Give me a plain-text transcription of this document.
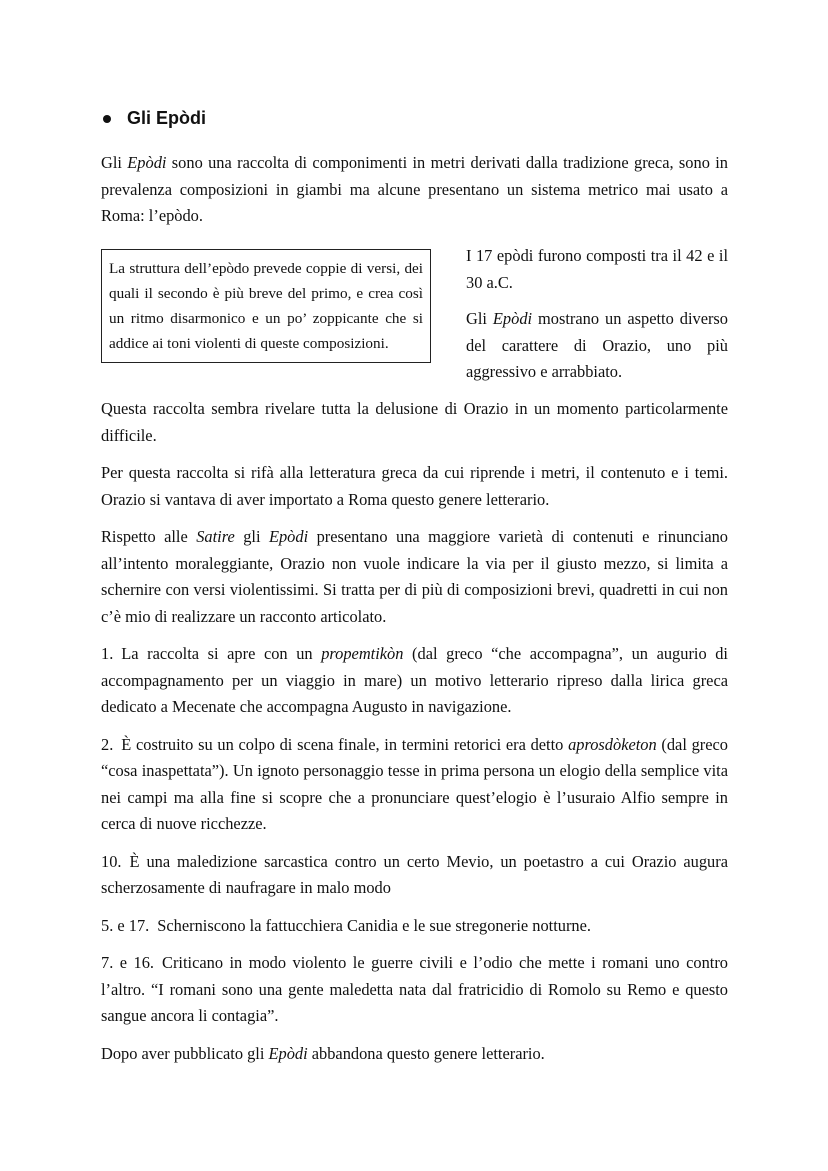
Gli Epòdi

Gli Epòdi sono una raccolta di componimenti in metri derivati dalla tradizione greca, sono in prevalenza composizioni in giambi ma alcune presentano un sistema metrico mai usato a Roma: l’epòdo.

La struttura dell’epòdo prevede coppie di versi, dei quali il secondo è più breve del primo, e crea così un ritmo disarmonico e un po’ zoppicante che si addice ai toni violenti di queste composizioni.

I 17 epòdi furono composti tra il 42 e il 30 a.C.

Gli Epòdi mostrano un aspetto diverso del carattere di Orazio, uno più aggressivo e arrabbiato.

Questa raccolta sembra rivelare tutta la delusione di Orazio in un momento particolarmente difficile.

Per questa raccolta si rifà alla letteratura greca da cui riprende i metri, il contenuto e i temi. Orazio si vantava di aver importato a Roma questo genere letterario.

Rispetto alle Satire gli Epòdi presentano una maggiore varietà di contenuti e rinunciano all’intento moraleggiante, Orazio non vuole indicare la via per il giusto mezzo, si limita a schernire con versi violentissimi. Si tratta per di più di composizioni brevi, quadretti in cui non c’è mio di realizzare un racconto articolato.

1. La raccolta si apre con un propemtikòn (dal greco “che accompagna”, un augurio di accompagnamento per un viaggio in mare) un motivo letterario ripreso dalla lirica greca dedicato a Mecenate che accompagna Augusto in navigazione.

2. È costruito su un colpo di scena finale, in termini retorici era detto aprosdòketon (dal greco “cosa inaspettata”). Un ignoto personaggio tesse in prima persona un elogio della semplice vita nei campi ma alla fine si scopre che a pronunciare quest’elogio è l’usuraio Alfio sempre in cerca di nuove ricchezze.

10. È una maledizione sarcastica contro un certo Mevio, un poetastro a cui Orazio augura scherzosamente di naufragare in malo modo

5. e 17. Scherniscono la fattucchiera Canidia e le sue stregonerie notturne.

7. e 16. Criticano in modo violento le guerre civili e l’odio che mette i romani uno contro l’altro. “I romani sono una gente maledetta nata dal fratricidio di Romolo su Remo e questo sangue ancora li contagia”.

Dopo aver pubblicato gli Epòdi abbandona questo genere letterario.
